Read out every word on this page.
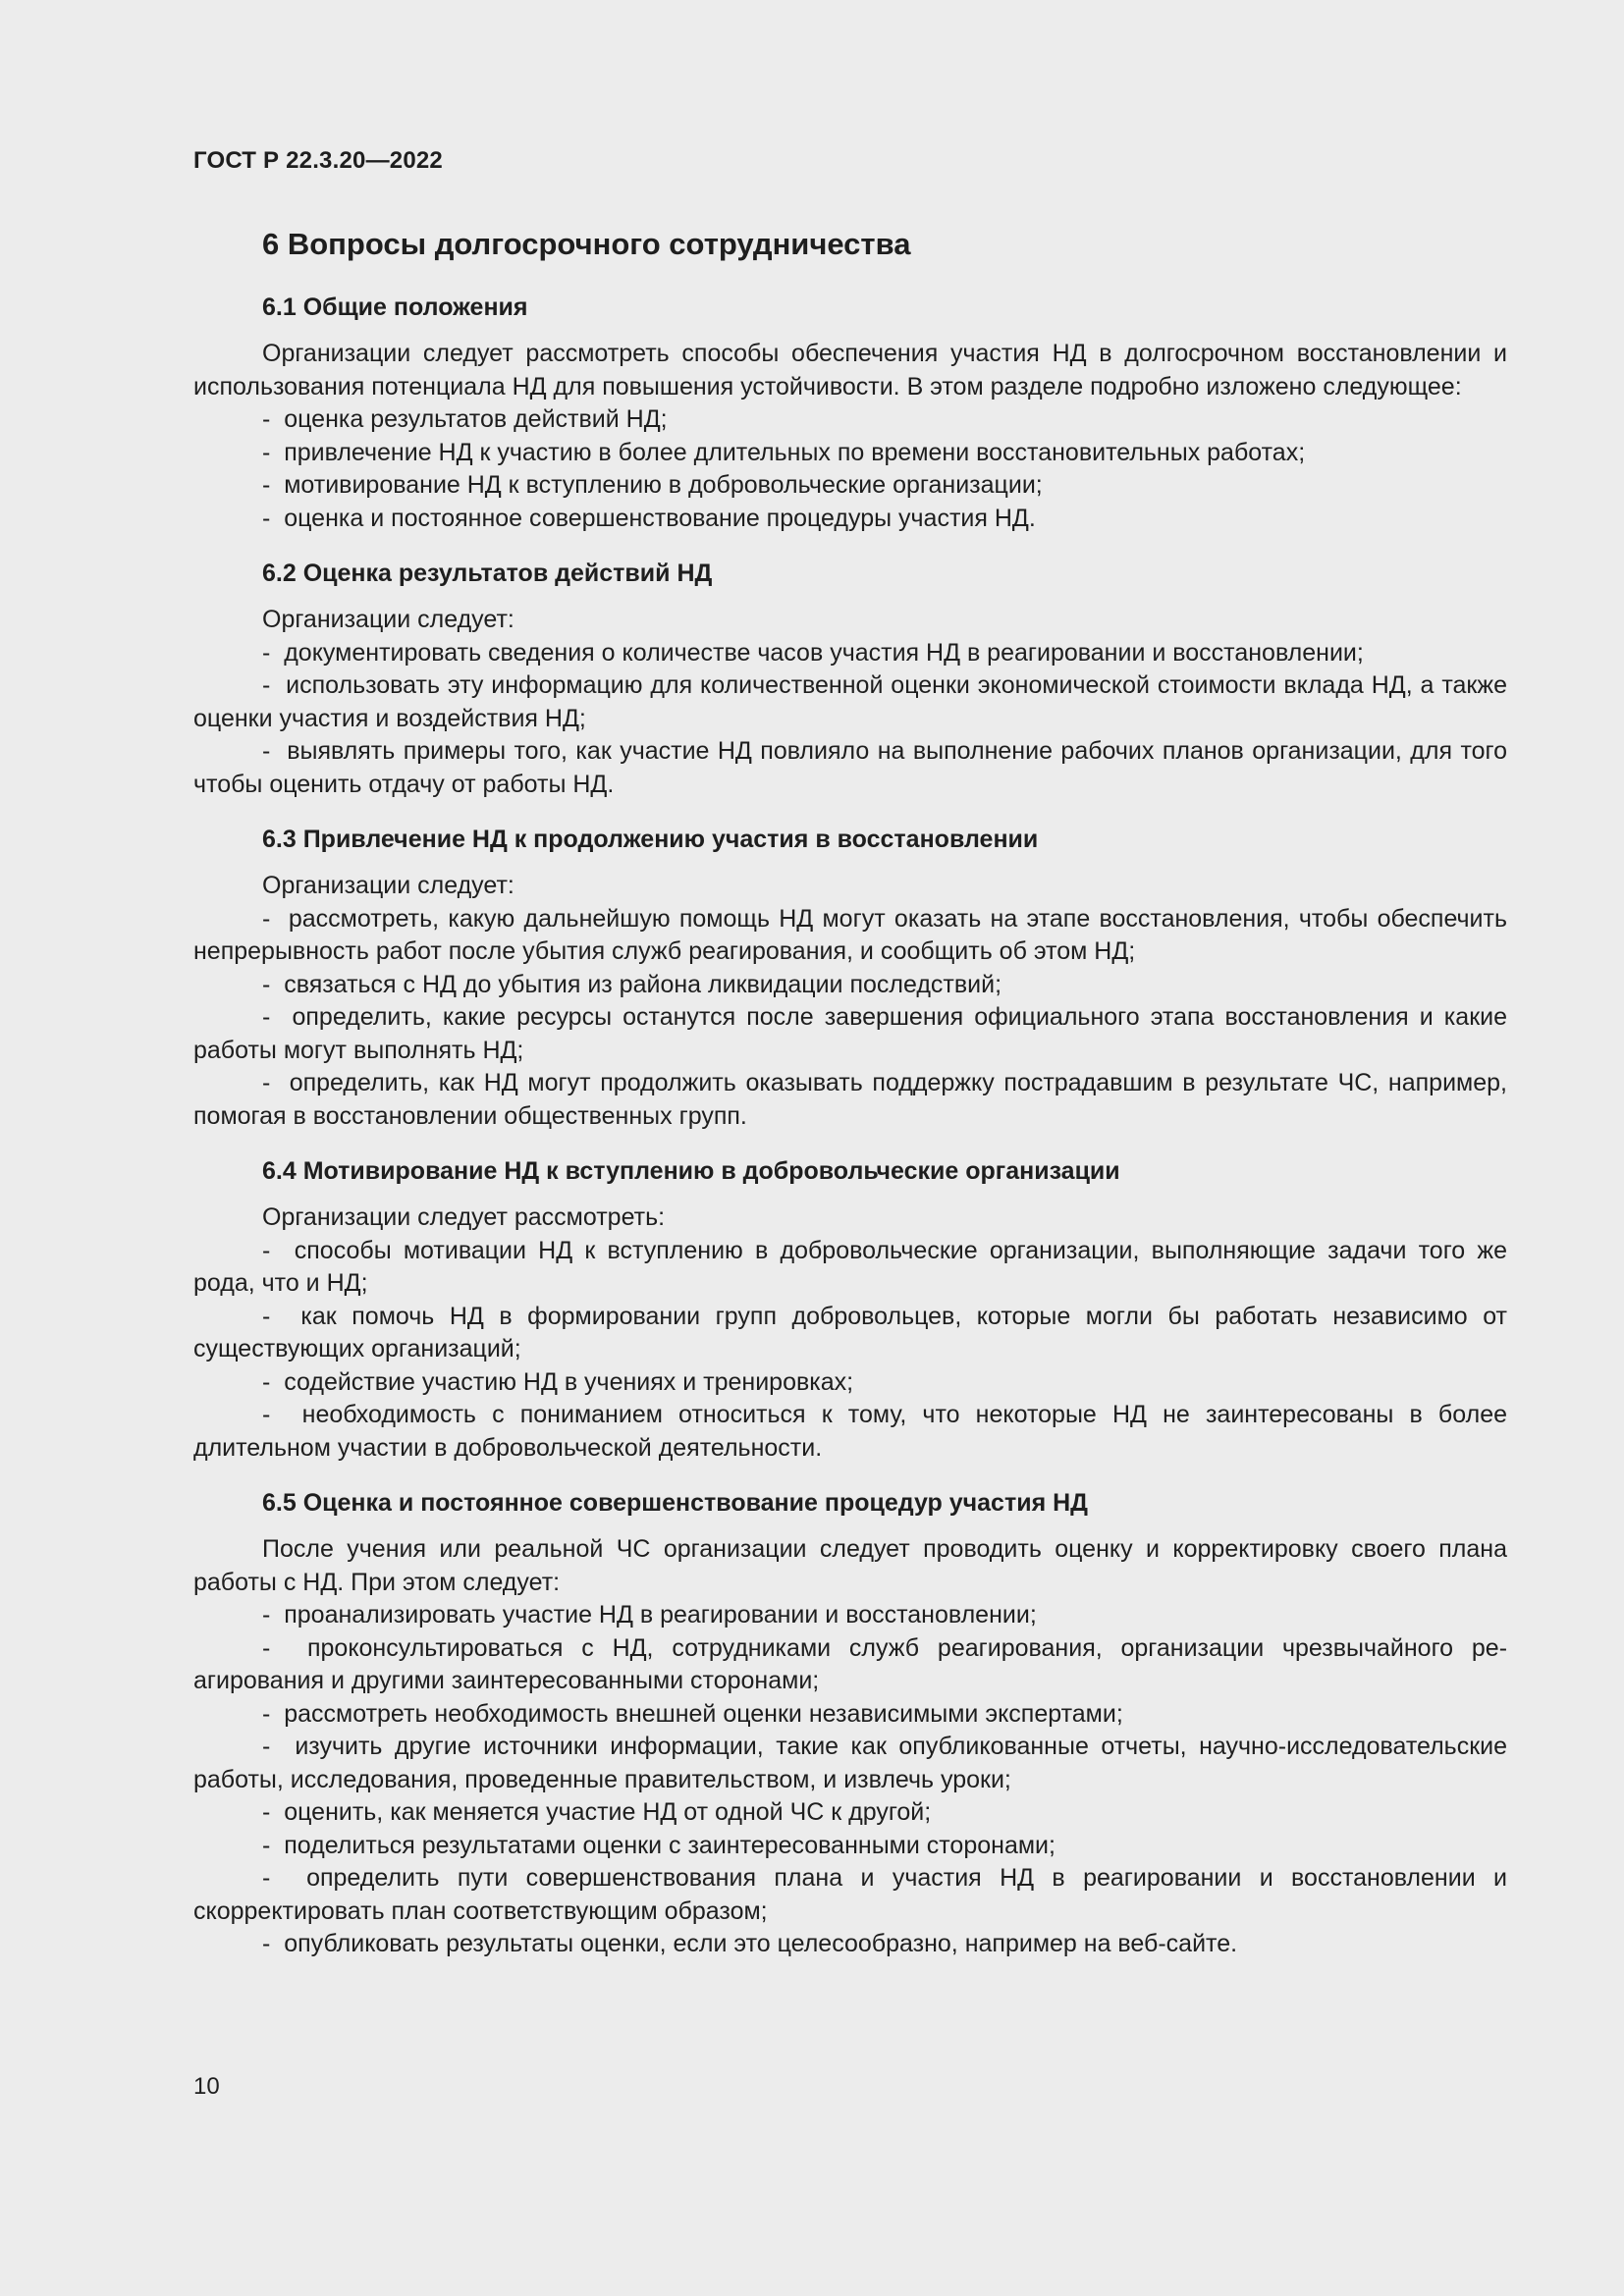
ГОСТ Р 22.3.20—2022
6 Вопросы долгосрочного сотрудничества
6.1 Общие положения

Организации следует рассмотреть способы обеспечения участия НД в долгосрочном восстановлении и использования потенциала НД для повышения устойчивости. В этом разделе подробно изложено следующее:

-  оценка результатов действий НД;
-  привлечение НД к участию в более длительных по времени восстановительных работах;
-  мотивирование НД к вступлению в добровольческие организации;
-  оценка и постоянное совершенствование процедуры участия НД.
6.2 Оценка результатов действий НД

Организации следует:

-  документировать сведения о количестве часов участия НД в реагировании и восстановлении;
-  использовать эту информацию для количественной оценки экономической стоимости вклада НД, а также оценки участия и воздействия НД;
-  выявлять примеры того, как участие НД повлияло на выполнение рабочих планов организации, для того чтобы оценить отдачу от работы НД.
6.3 Привлечение НД к продолжению участия в восстановлении

Организации следует:

-  рассмотреть, какую дальнейшую помощь НД могут оказать на этапе восстановления, чтобы обеспечить непрерывность работ после убытия служб реагирования, и сообщить об этом НД;
-  связаться с НД до убытия из района ликвидации последствий;
-  определить, какие ресурсы останутся после завершения официального этапа восстановления и какие работы могут выполнять НД;
-  определить, как НД могут продолжить оказывать поддержку пострадавшим в результате ЧС, например, помогая в восстановлении общественных групп.
6.4 Мотивирование НД к вступлению в добровольческие организации

Организации следует рассмотреть:

-  способы мотивации НД к вступлению в добровольческие организации, выполняющие задачи того же рода, что и НД;
-  как помочь НД в формировании групп добровольцев, которые могли бы работать независимо от существующих организаций;
-  содействие участию НД в учениях и тренировках;
-  необходимость с пониманием относиться к тому, что некоторые НД не заинтересованы в более длительном участии в добровольческой деятельности.
6.5 Оценка и постоянное совершенствование процедур участия НД

После учения или реальной ЧС организации следует проводить оценку и корректировку своего плана работы с НД. При этом следует:

-  проанализировать участие НД в реагировании и восстановлении;
-  проконсультироваться с НД, сотрудниками служб реагирования, организации чрезвычайного реагирования и другими заинтересованными сторонами;
-  рассмотреть необходимость внешней оценки независимыми экспертами;
-  изучить другие источники информации, такие как опубликованные отчеты, научно-исследовательские работы, исследования, проведенные правительством, и извлечь уроки;
-  оценить, как меняется участие НД от одной ЧС к другой;
-  поделиться результатами оценки с заинтересованными сторонами;
-  определить пути совершенствования плана и участия НД в реагировании и восстановлении и скорректировать план соответствующим образом;
-  опубликовать результаты оценки, если это целесообразно, например на веб-сайте.
10
